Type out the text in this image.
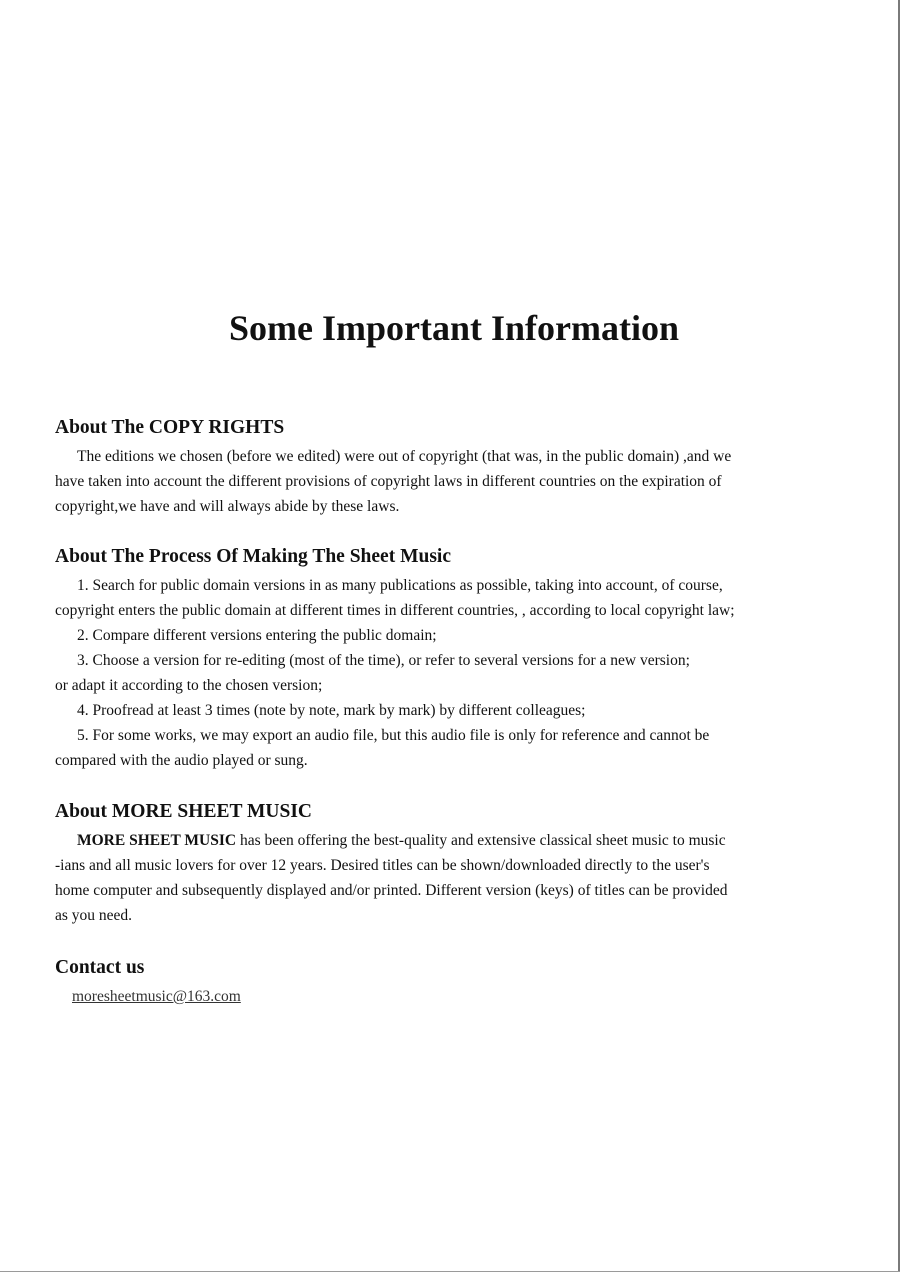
Some Important Information
About The COPY RIGHTS

The editions we chosen (before we edited) were out of copyright (that was, in the public domain) ,and we
have taken into account the different provisions of copyright laws in different countries on the expiration of
copyright,we have and will always abide by these laws.

About The Process Of Making The Sheet Music

1. Search for public domain versions in as many publications as possible, taking into account, of course,
copyright enters the public domain at different times in different countries, , according to local copyright law;
2. Compare different versions entering the public domain;
3. Choose a version for re-editing (most of the time), or refer to several versions for a new version;
or adapt it according to the chosen version;
4. Proofread at least 3 times (note by note, mark by mark) by different colleagues;
5. For some works, we may export an audio file, but this audio file is only for reference and cannot be
compared with the audio played or sung.

About MORE SHEET MUSIC

MORE SHEET MUSIC has been offering the best-quality and extensive classical sheet music to music
-ians and all music lovers for over 12 years. Desired titles can be shown/downloaded directly to the user's
home computer and subsequently displayed and/or printed. Different version (keys) of titles can be provided
as you need.

Contact us
moresheetmusic@163.com
